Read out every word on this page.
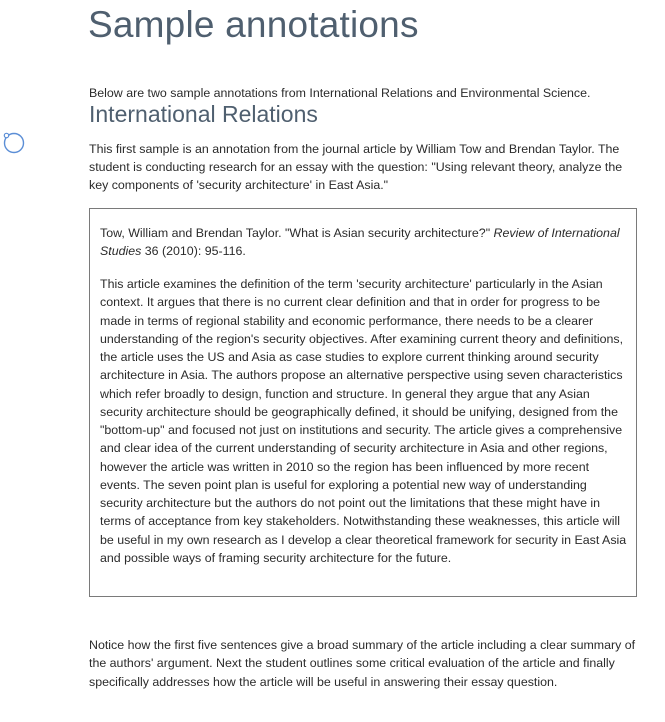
Sample annotations

Below are two sample annotations from International Relations and Environmental Science.

International Relations
This first sample is an annotation from the journal article by William Tow and Brendan Taylor. The student is conducting research for an essay with the question: "Using relevant theory, analyze the key components of 'security architecture' in East Asia."
Tow, William and Brendan Taylor. "What is Asian security architecture?" Review of International Studies 36 (2010): 95-116.
This article examines the definition of the term 'security architecture' particularly in the Asian context. It argues that there is no current clear definition and that in order for progress to be made in terms of regional stability and economic performance, there needs to be a clearer understanding of the region's security objectives. After examining current theory and definitions, the article uses the US and Asia as case studies to explore current thinking around security architecture in Asia. The authors propose an alternative perspective using seven characteristics which refer broadly to design, function and structure. In general they argue that any Asian security architecture should be geographically defined, it should be unifying, designed from the "bottom-up" and focused not just on institutions and security. The article gives a comprehensive and clear idea of the current understanding of security architecture in Asia and other regions, however the article was written in 2010 so the region has been influenced by more recent events. The seven point plan is useful for exploring a potential new way of understanding security architecture but the authors do not point out the limitations that these might have in terms of acceptance from key stakeholders. Notwithstanding these weaknesses, this article will be useful in my own research as I develop a clear theoretical framework for security in East Asia and possible ways of framing security architecture for the future.
Notice how the first five sentences give a broad summary of the article including a clear summary of the authors' argument. Next the student outlines some critical evaluation of the article and finally specifically addresses how the article will be useful in answering their essay question.
